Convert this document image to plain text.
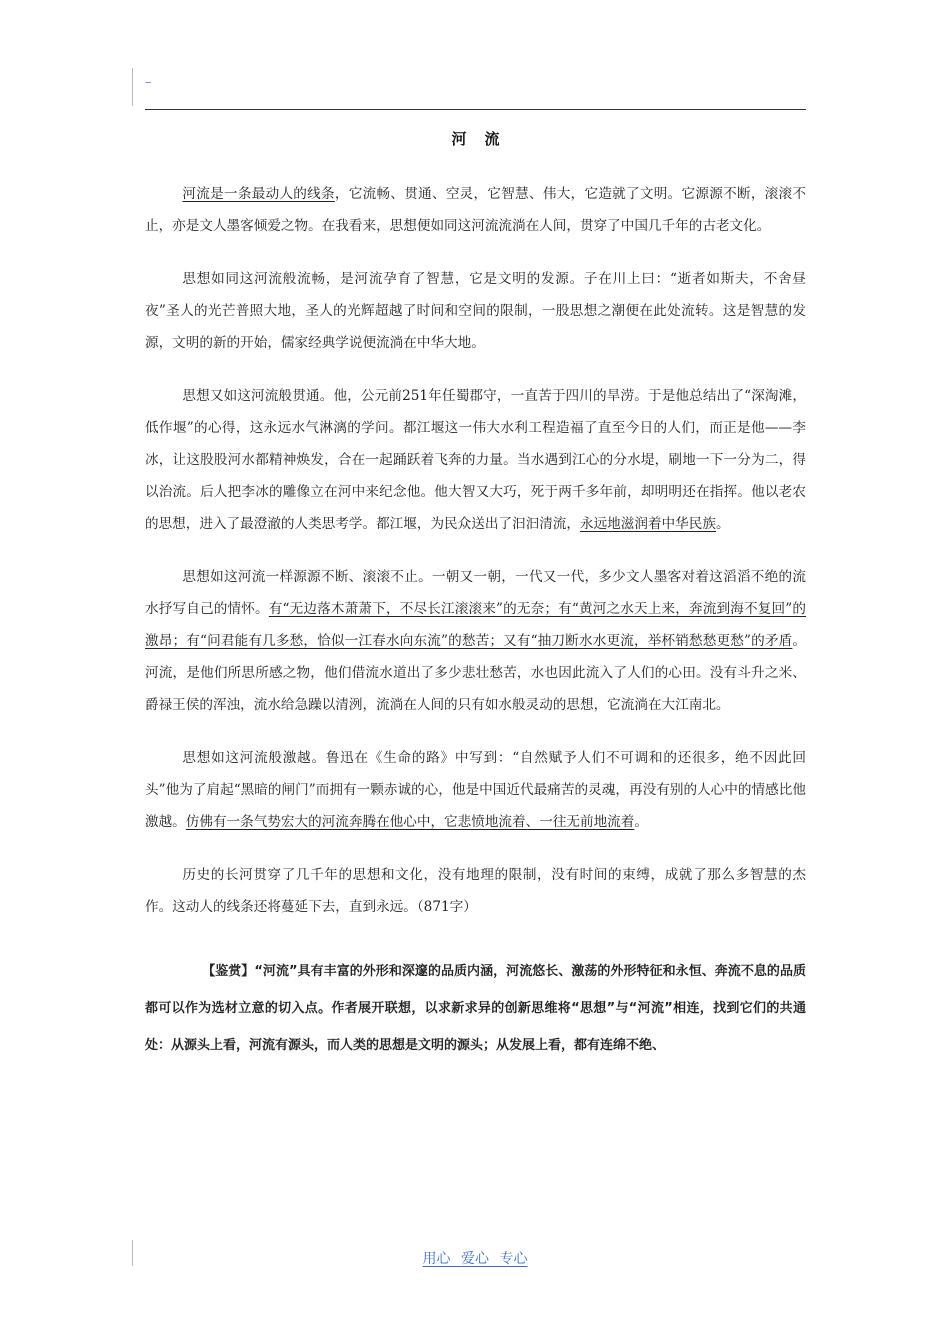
–
河流

河流是一条最动人的线条，它流畅、贯通、空灵，它智慧、伟大，它造就了文明。它源源不断，滚滚不止，亦是文人墨客倾爱之物。在我看来，思想便如同这河流流淌在人间，贯穿了中国几千年的古老文化。

思想如同这河流般流畅，是河流孕育了智慧，它是文明的发源。子在川上曰：“逝者如斯夫，不舍昼夜”圣人的光芒普照大地，圣人的光辉超越了时间和空间的限制，一股思想之潮便在此处流转。这是智慧的发源，文明的新的开始，儒家经典学说便流淌在中华大地。

思想又如这河流般贯通。他，公元前251年任蜀郡守，一直苦于四川的旱涝。于是他总结出了“深淘滩，低作堰”的心得，这永远水气淋漓的学问。都江堰这一伟大水利工程造福了直至今日的人们，而正是他——李冰，让这股股河水都精神焕发，合在一起踊跃着飞奔的力量。当水遇到江心的分水堤，刷地一下一分为二，得以治流。后人把李冰的雕像立在河中来纪念他。他大智又大巧，死于两千多年前，却明明还在指挥。他以老农的思想，进入了最澄澈的人类思考学。都江堰，为民众送出了汩汩清流，永远地滋润着中华民族。

思想如这河流一样源源不断、滚滚不止。一朝又一朝，一代又一代，多少文人墨客对着这滔滔不绝的流水抒写自己的情怀。有“无边落木萧萧下，不尽长江滚滚来”的无奈；有“黄河之水天上来，奔流到海不复回”的激昂；有“问君能有几多愁，恰似一江春水向东流”的愁苦；又有“抽刀断水水更流，举杯销愁愁更愁”的矛盾。河流，是他们所思所感之物，他们借流水道出了多少悲壮愁苦，水也因此流入了人们的心田。没有斗升之米、爵禄王侯的浑浊，流水给急躁以清洌，流淌在人间的只有如水般灵动的思想，它流淌在大江南北。

思想如这河流般激越。鲁迅在《生命的路》中写到：“自然赋予人们不可调和的还很多，绝不因此回头”他为了肩起“黑暗的闸门”而拥有一颗赤诚的心，他是中国近代最痛苦的灵魂，再没有别的人心中的情感比他激越。仿佛有一条气势宏大的河流奔腾在他心中，它悲愤地流着、一往无前地流着。

历史的长河贯穿了几千年的思想和文化，没有地理的限制，没有时间的束缚，成就了那么多智慧的杰作。这动人的线条还将蔓延下去，直到永远。（871字）

【鉴赏】“河流”具有丰富的外形和深邃的品质内涵，河流悠长、激荡的外形特征和永恒、奔流不息的品质都可以作为选材立意的切入点。作者展开联想，以求新求异的创新思维将“思想”与“河流”相连，找到它们的共通处：从源头上看，河流有源头，而人类的思想是文明的源头；从发展上看，都有连绵不绝、

用心 爱心 专心
